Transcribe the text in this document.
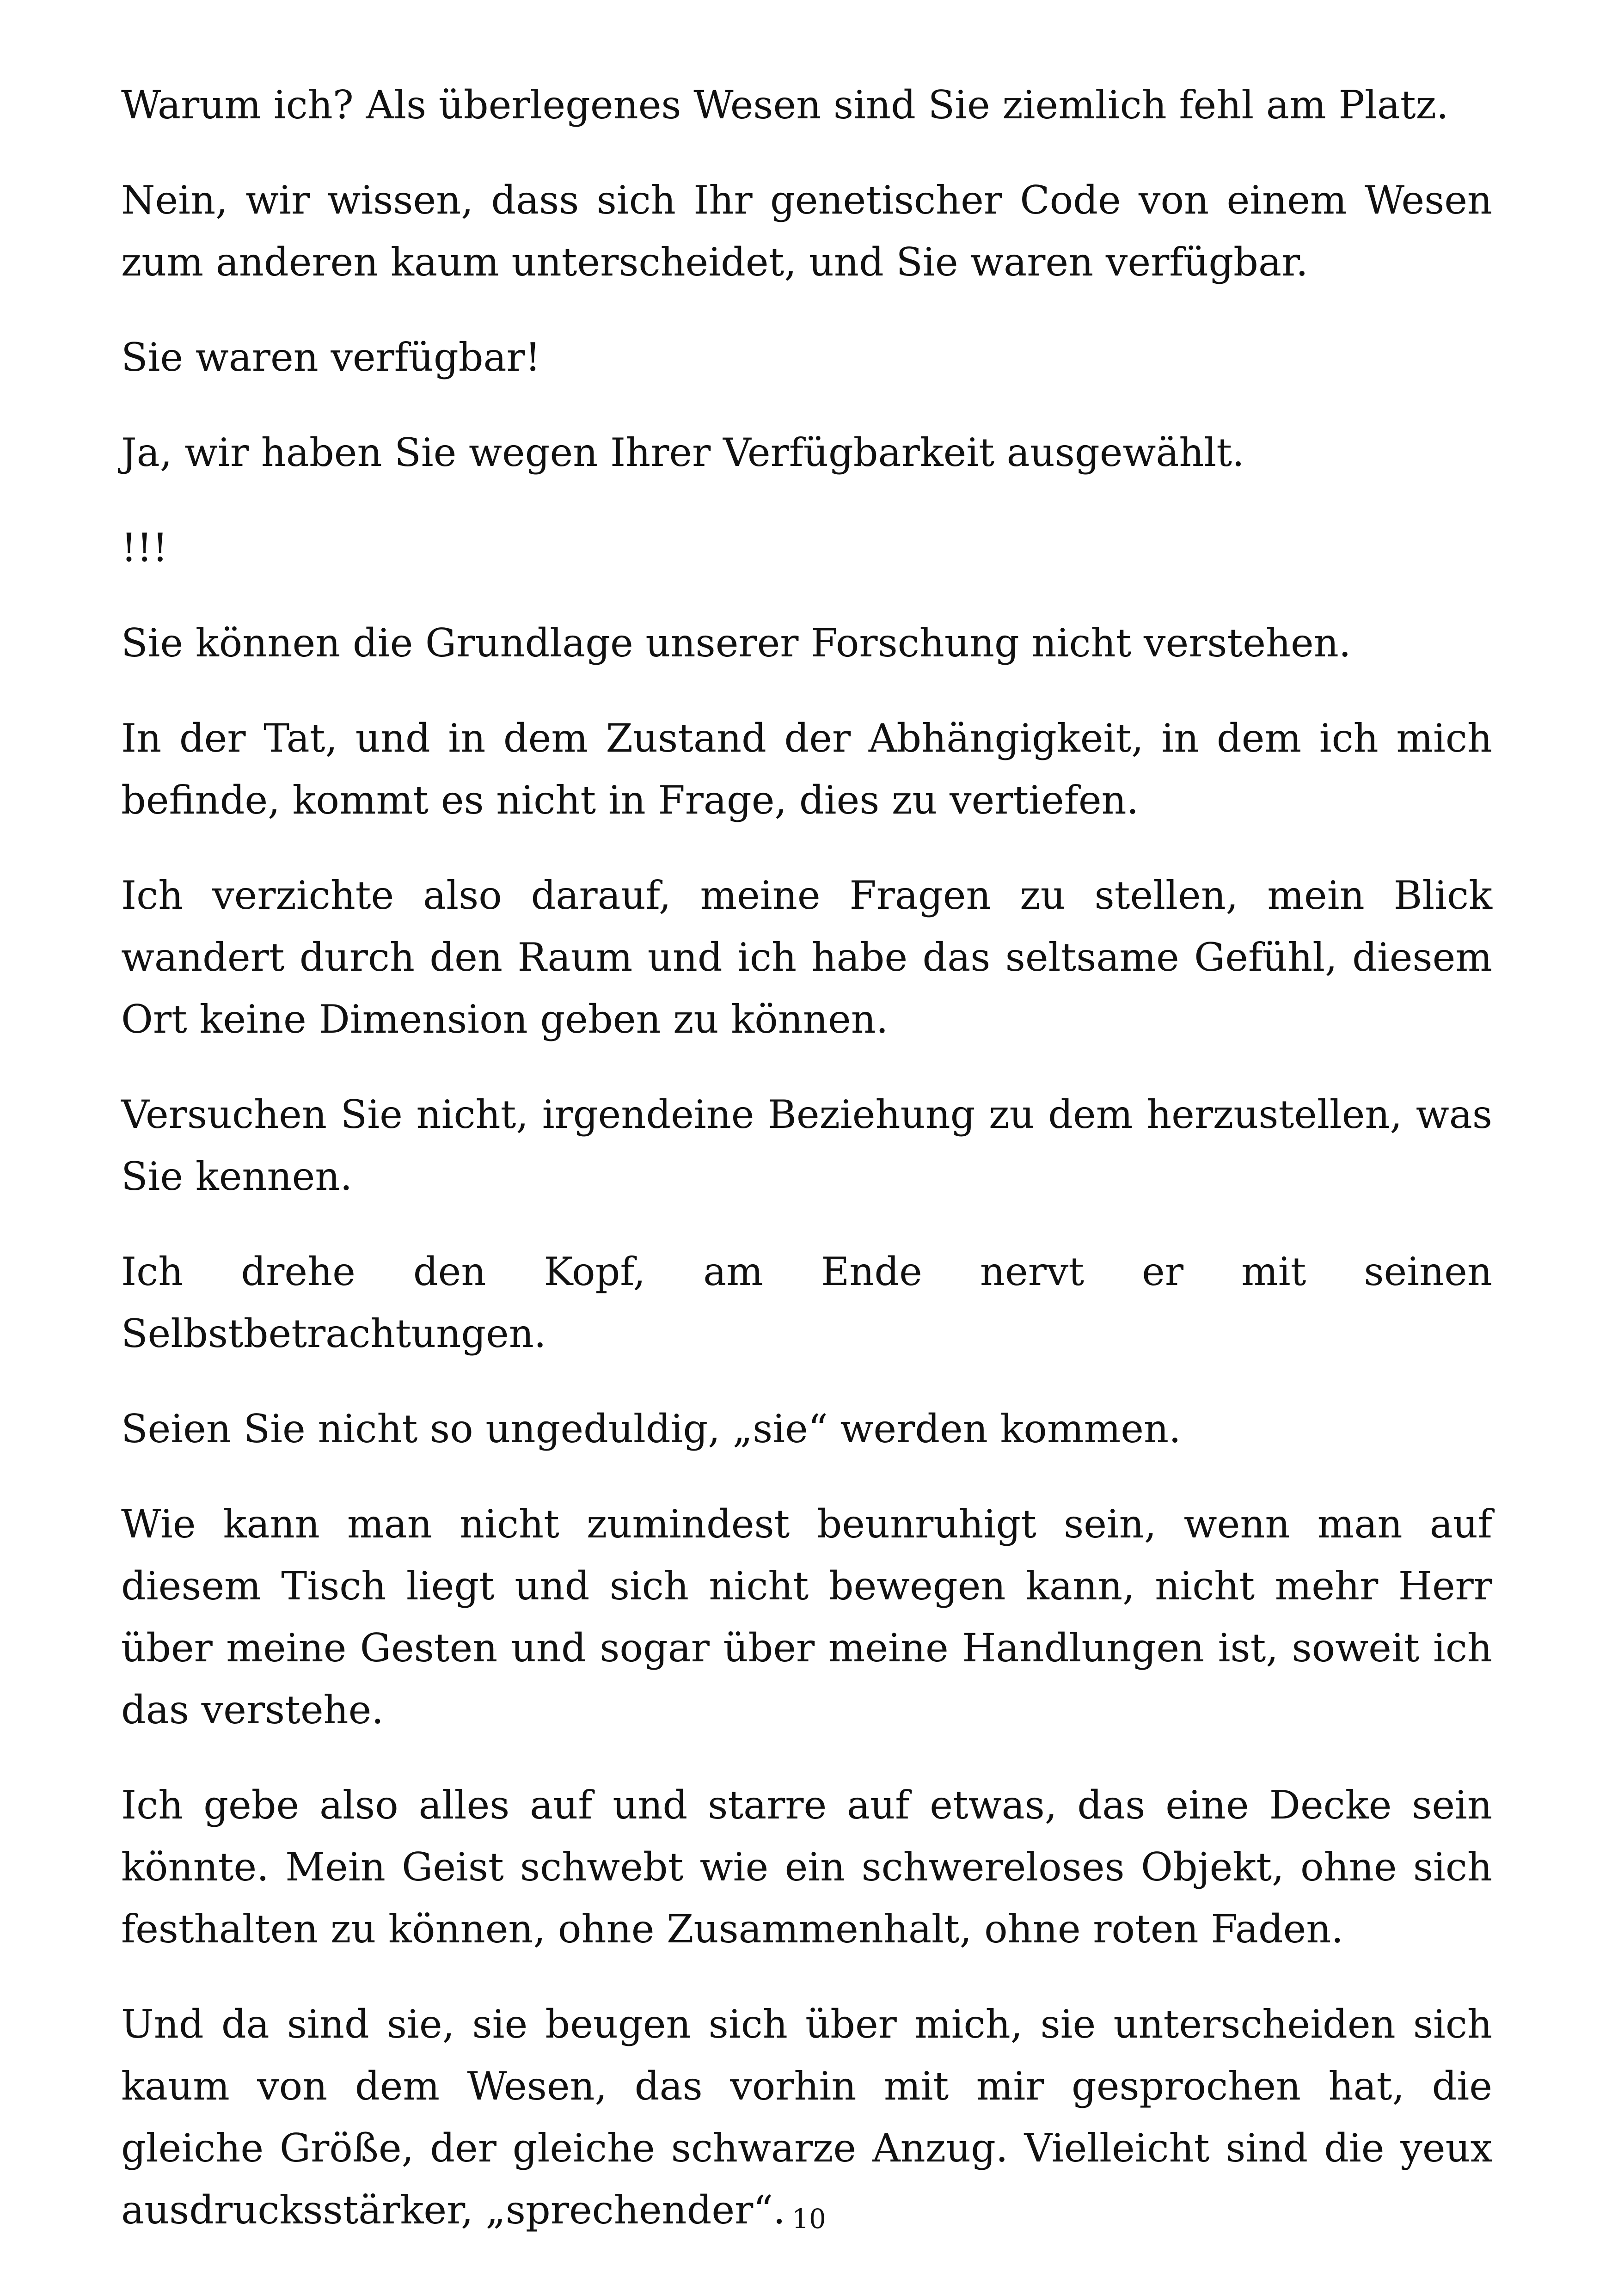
Warum ich? Als überlegenes Wesen sind Sie ziemlich fehl am Platz.

Nein, wir wissen, dass sich Ihr genetischer Code von einem Wesen zum anderen kaum unterscheidet, und Sie waren verfügbar.

Sie waren verfügbar!

Ja, wir haben Sie wegen Ihrer Verfügbarkeit ausgewählt.

!!!

Sie können die Grundlage unserer Forschung nicht verstehen.

In der Tat, und in dem Zustand der Abhängigkeit, in dem ich mich befinde, kommt es nicht in Frage, dies zu vertiefen.

Ich verzichte also darauf, meine Fragen zu stellen, mein Blick wandert durch den Raum und ich habe das seltsame Gefühl, diesem Ort keine Dimension geben zu können.

Versuchen Sie nicht, irgendeine Beziehung zu dem herzustellen, was Sie kennen.

Ich drehe den Kopf, am Ende nervt er mit seinen Selbstbetrachtungen.

Seien Sie nicht so ungeduldig, „sie“ werden kommen.

Wie kann man nicht zumindest beunruhigt sein, wenn man auf diesem Tisch liegt und sich nicht bewegen kann, nicht mehr Herr über meine Gesten und sogar über meine Handlungen ist, soweit ich das verstehe.

Ich gebe also alles auf und starre auf etwas, das eine Decke sein könnte. Mein Geist schwebt wie ein schwereloses Objekt, ohne sich festhalten zu können, ohne Zusammenhalt, ohne roten Faden.

Und da sind sie, sie beugen sich über mich, sie unterscheiden sich kaum von dem Wesen, das vorhin mit mir gesprochen hat, die gleiche Größe, der gleiche schwarze Anzug. Vielleicht sind die yeux ausdrucksstärker, „sprechender“. 10
